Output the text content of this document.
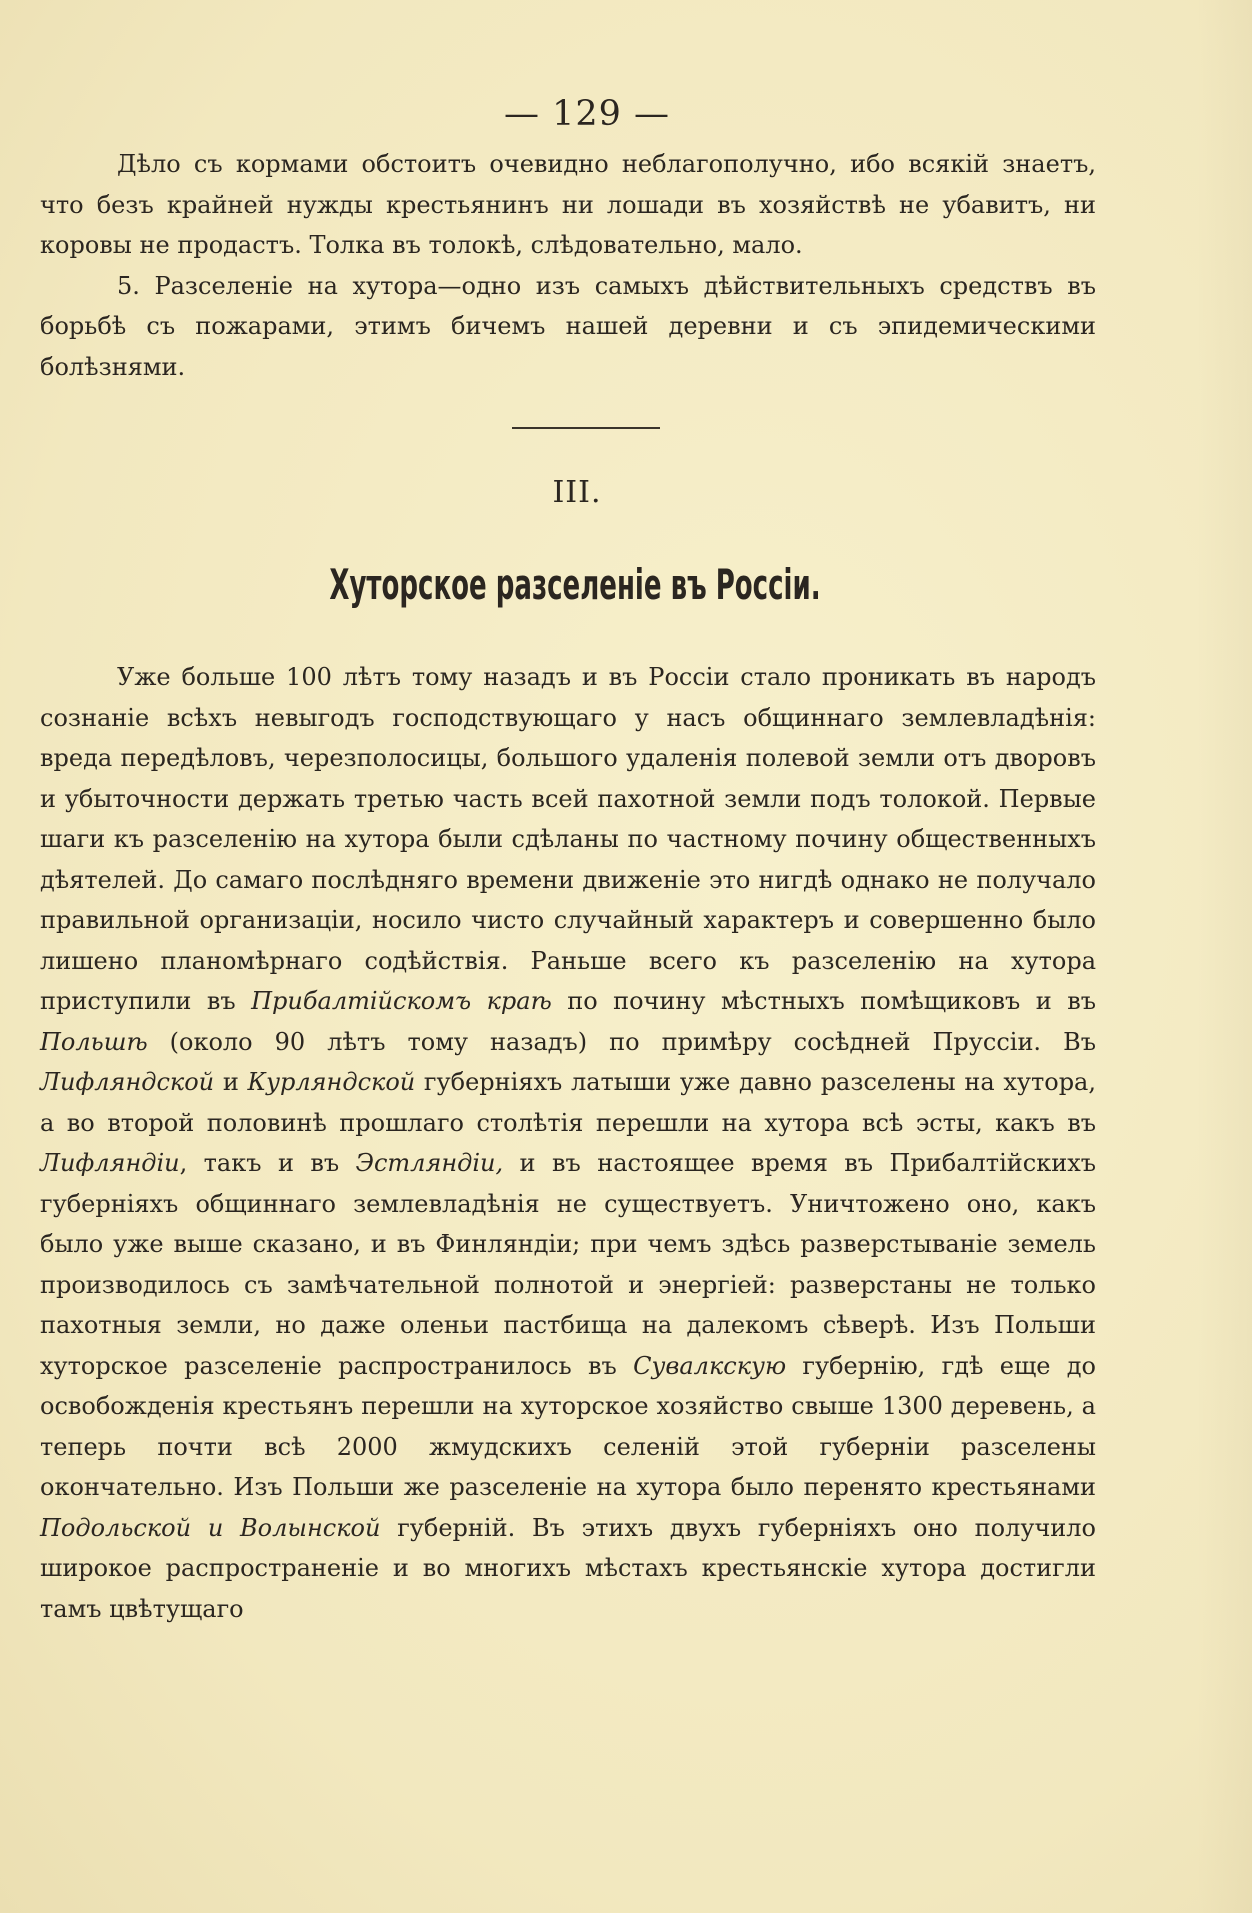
— 129 —

Дѣло съ кормами обстоитъ очевидно неблагополучно, ибо всякій знаетъ, что безъ крайней нужды крестьянинъ ни лошади въ хозяйствѣ не убавитъ, ни коровы не продастъ. Толка въ толокѣ, слѣдовательно, мало.

5. Разселеніе на хутора—одно изъ самыхъ дѣйствительныхъ средствъ въ борьбѣ съ пожарами, этимъ бичемъ нашей деревни и съ эпидемическими болѣзнями.

III.
Хуторское разселеніе въ Россіи.

Уже больше 100 лѣтъ тому назадъ и въ Россіи стало проникать въ народъ сознаніе всѣхъ невыгодъ господствующаго у насъ общиннаго землевладѣнія: вреда передѣловъ, черезполосицы, большого удаленія полевой земли отъ дворовъ и убыточности держать третью часть всей пахотной земли подъ толокой. Первые шаги къ разселенію на хутора были сдѣланы по частному почину общественныхъ дѣятелей. До самаго послѣдняго времени движеніе это нигдѣ однако не получало правильной организаціи, носило чисто случайный характеръ и совершенно было лишено планомѣрнаго содѣйствія. Раньше всего къ разселенію на хутора приступили въ Прибалтійскомъ краѣ по почину мѣстныхъ помѣщиковъ и въ Польшѣ (около 90 лѣтъ тому назадъ) по примѣру сосѣдней Пруссіи. Въ Лифляндской и Курляндской губерніяхъ латыши уже давно разселены на хутора, а во второй половинѣ прошлаго столѣтія перешли на хутора всѣ эсты, какъ въ Лифляндіи, такъ и въ Эстляндіи, и въ настоящее время въ Прибалтійскихъ губерніяхъ общиннаго землевладѣнія не существуетъ. Уничтожено оно, какъ было уже выше сказано, и въ Финляндіи; при чемъ здѣсь разверстываніе земель производилось съ замѣчательной полнотой и энергіей: разверстаны не только пахотныя земли, но даже оленьи пастбища на далекомъ сѣверѣ. Изъ Польши хуторское разселеніе распространилось въ Сувалкскую губернію, гдѣ еще до освобожденія крестьянъ перешли на хуторское хозяйство свыше 1300 деревень, а теперь почти всѣ 2000 жмудскихъ селеній этой губерніи разселены окончательно. Изъ Польши же разселеніе на хутора было перенято крестьянами Подольской и Волынской губерній. Въ этихъ двухъ губерніяхъ оно получило широкое распространеніе и во многихъ мѣстахъ крестьянскіе хутора достигли тамъ цвѣтущаго
